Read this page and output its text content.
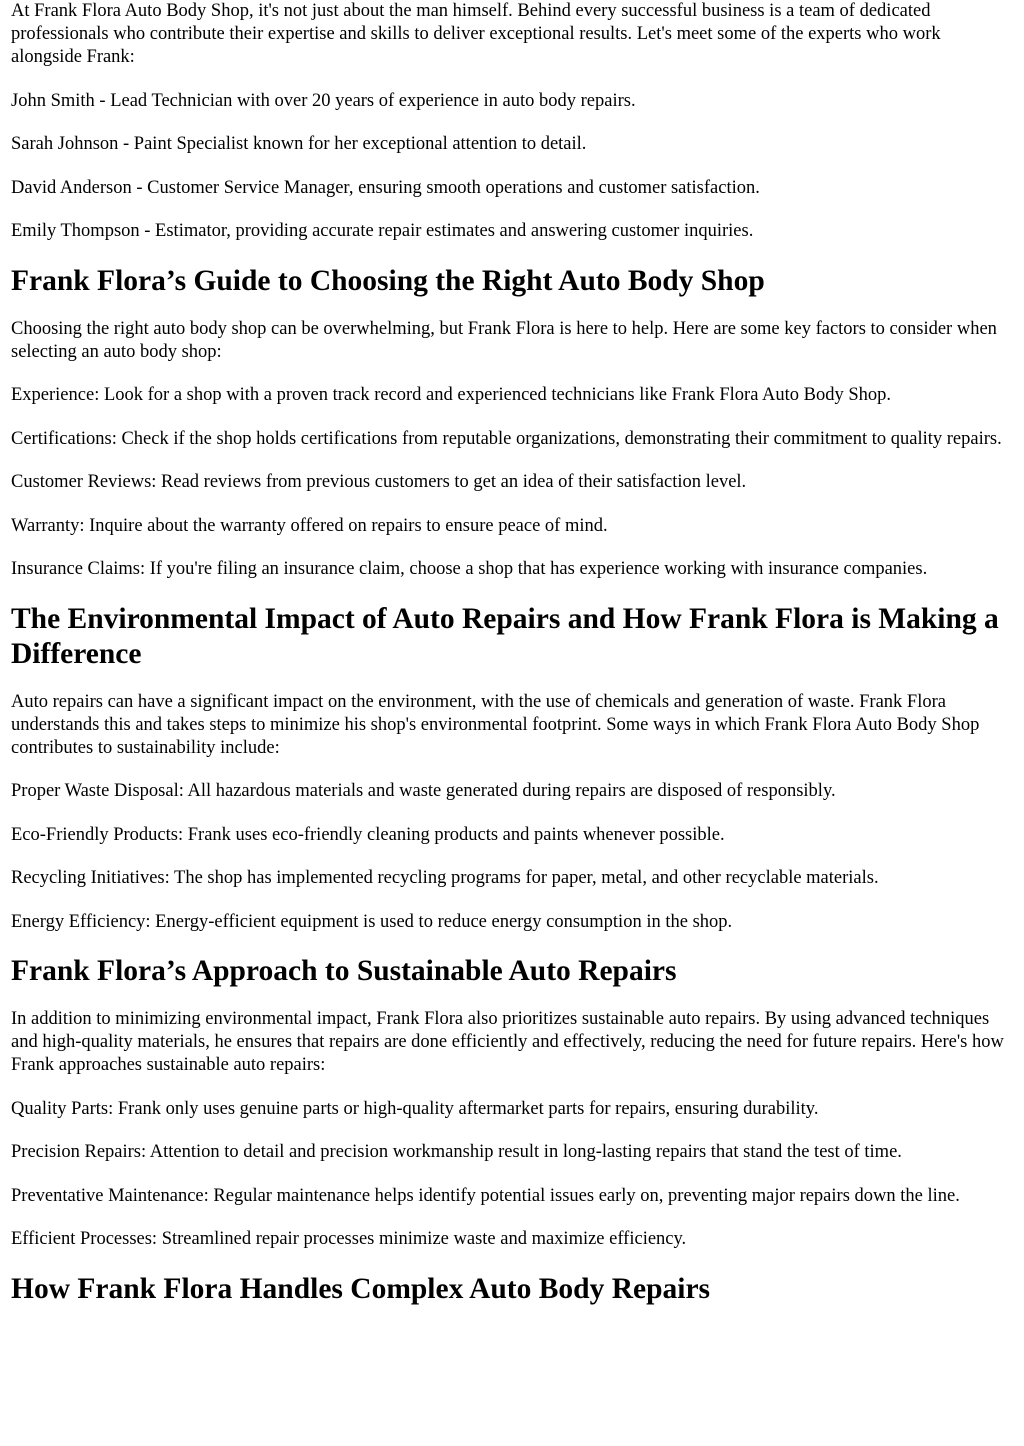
At Frank Flora Auto Body Shop, it's not just about the man himself. Behind every successful business is a team of dedicated professionals who contribute their expertise and skills to deliver exceptional results. Let's meet some of the experts who work alongside Frank:

John Smith - Lead Technician with over 20 years of experience in auto body repairs.

Sarah Johnson - Paint Specialist known for her exceptional attention to detail.

David Anderson - Customer Service Manager, ensuring smooth operations and customer satisfaction.

Emily Thompson - Estimator, providing accurate repair estimates and answering customer inquiries.

Frank Flora’s Guide to Choosing the Right Auto Body Shop

Choosing the right auto body shop can be overwhelming, but Frank Flora is here to help. Here are some key factors to consider when selecting an auto body shop:

Experience: Look for a shop with a proven track record and experienced technicians like Frank Flora Auto Body Shop.

Certifications: Check if the shop holds certifications from reputable organizations, demonstrating their commitment to quality repairs.

Customer Reviews: Read reviews from previous customers to get an idea of their satisfaction level.

Warranty: Inquire about the warranty offered on repairs to ensure peace of mind.

Insurance Claims: If you're filing an insurance claim, choose a shop that has experience working with insurance companies.

The Environmental Impact of Auto Repairs and How Frank Flora is Making a Difference

Auto repairs can have a significant impact on the environment, with the use of chemicals and generation of waste. Frank Flora understands this and takes steps to minimize his shop's environmental footprint. Some ways in which Frank Flora Auto Body Shop contributes to sustainability include:

Proper Waste Disposal: All hazardous materials and waste generated during repairs are disposed of responsibly.

Eco-Friendly Products: Frank uses eco-friendly cleaning products and paints whenever possible.

Recycling Initiatives: The shop has implemented recycling programs for paper, metal, and other recyclable materials.

Energy Efficiency: Energy-efficient equipment is used to reduce energy consumption in the shop.

Frank Flora’s Approach to Sustainable Auto Repairs

In addition to minimizing environmental impact, Frank Flora also prioritizes sustainable auto repairs. By using advanced techniques and high-quality materials, he ensures that repairs are done efficiently and effectively, reducing the need for future repairs. Here's how Frank approaches sustainable auto repairs:

Quality Parts: Frank only uses genuine parts or high-quality aftermarket parts for repairs, ensuring durability.

Precision Repairs: Attention to detail and precision workmanship result in long-lasting repairs that stand the test of time.

Preventative Maintenance: Regular maintenance helps identify potential issues early on, preventing major repairs down the line.

Efficient Processes: Streamlined repair processes minimize waste and maximize efficiency.

How Frank Flora Handles Complex Auto Body Repairs
